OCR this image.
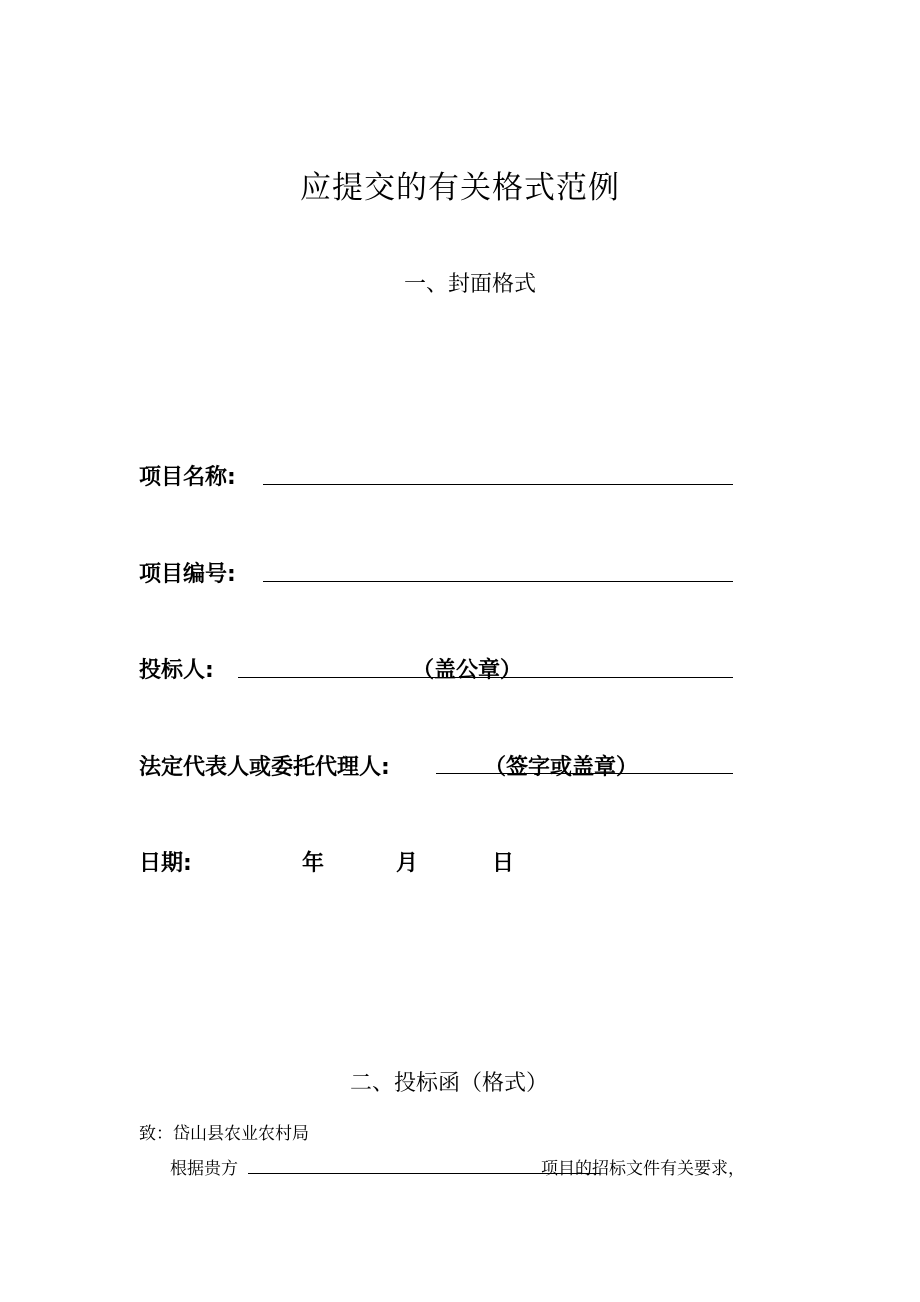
应提交的有关格式范例
一、封面格式
项目名称:
项目编号:
投标人:	（盖公章）
法定代表人或委托代理人:	（签字或盖章）
日期:	年	月	日
二、投标函（格式）
致：岱山县农业农村局
根据贵方	项目的招标文件有关要求，
